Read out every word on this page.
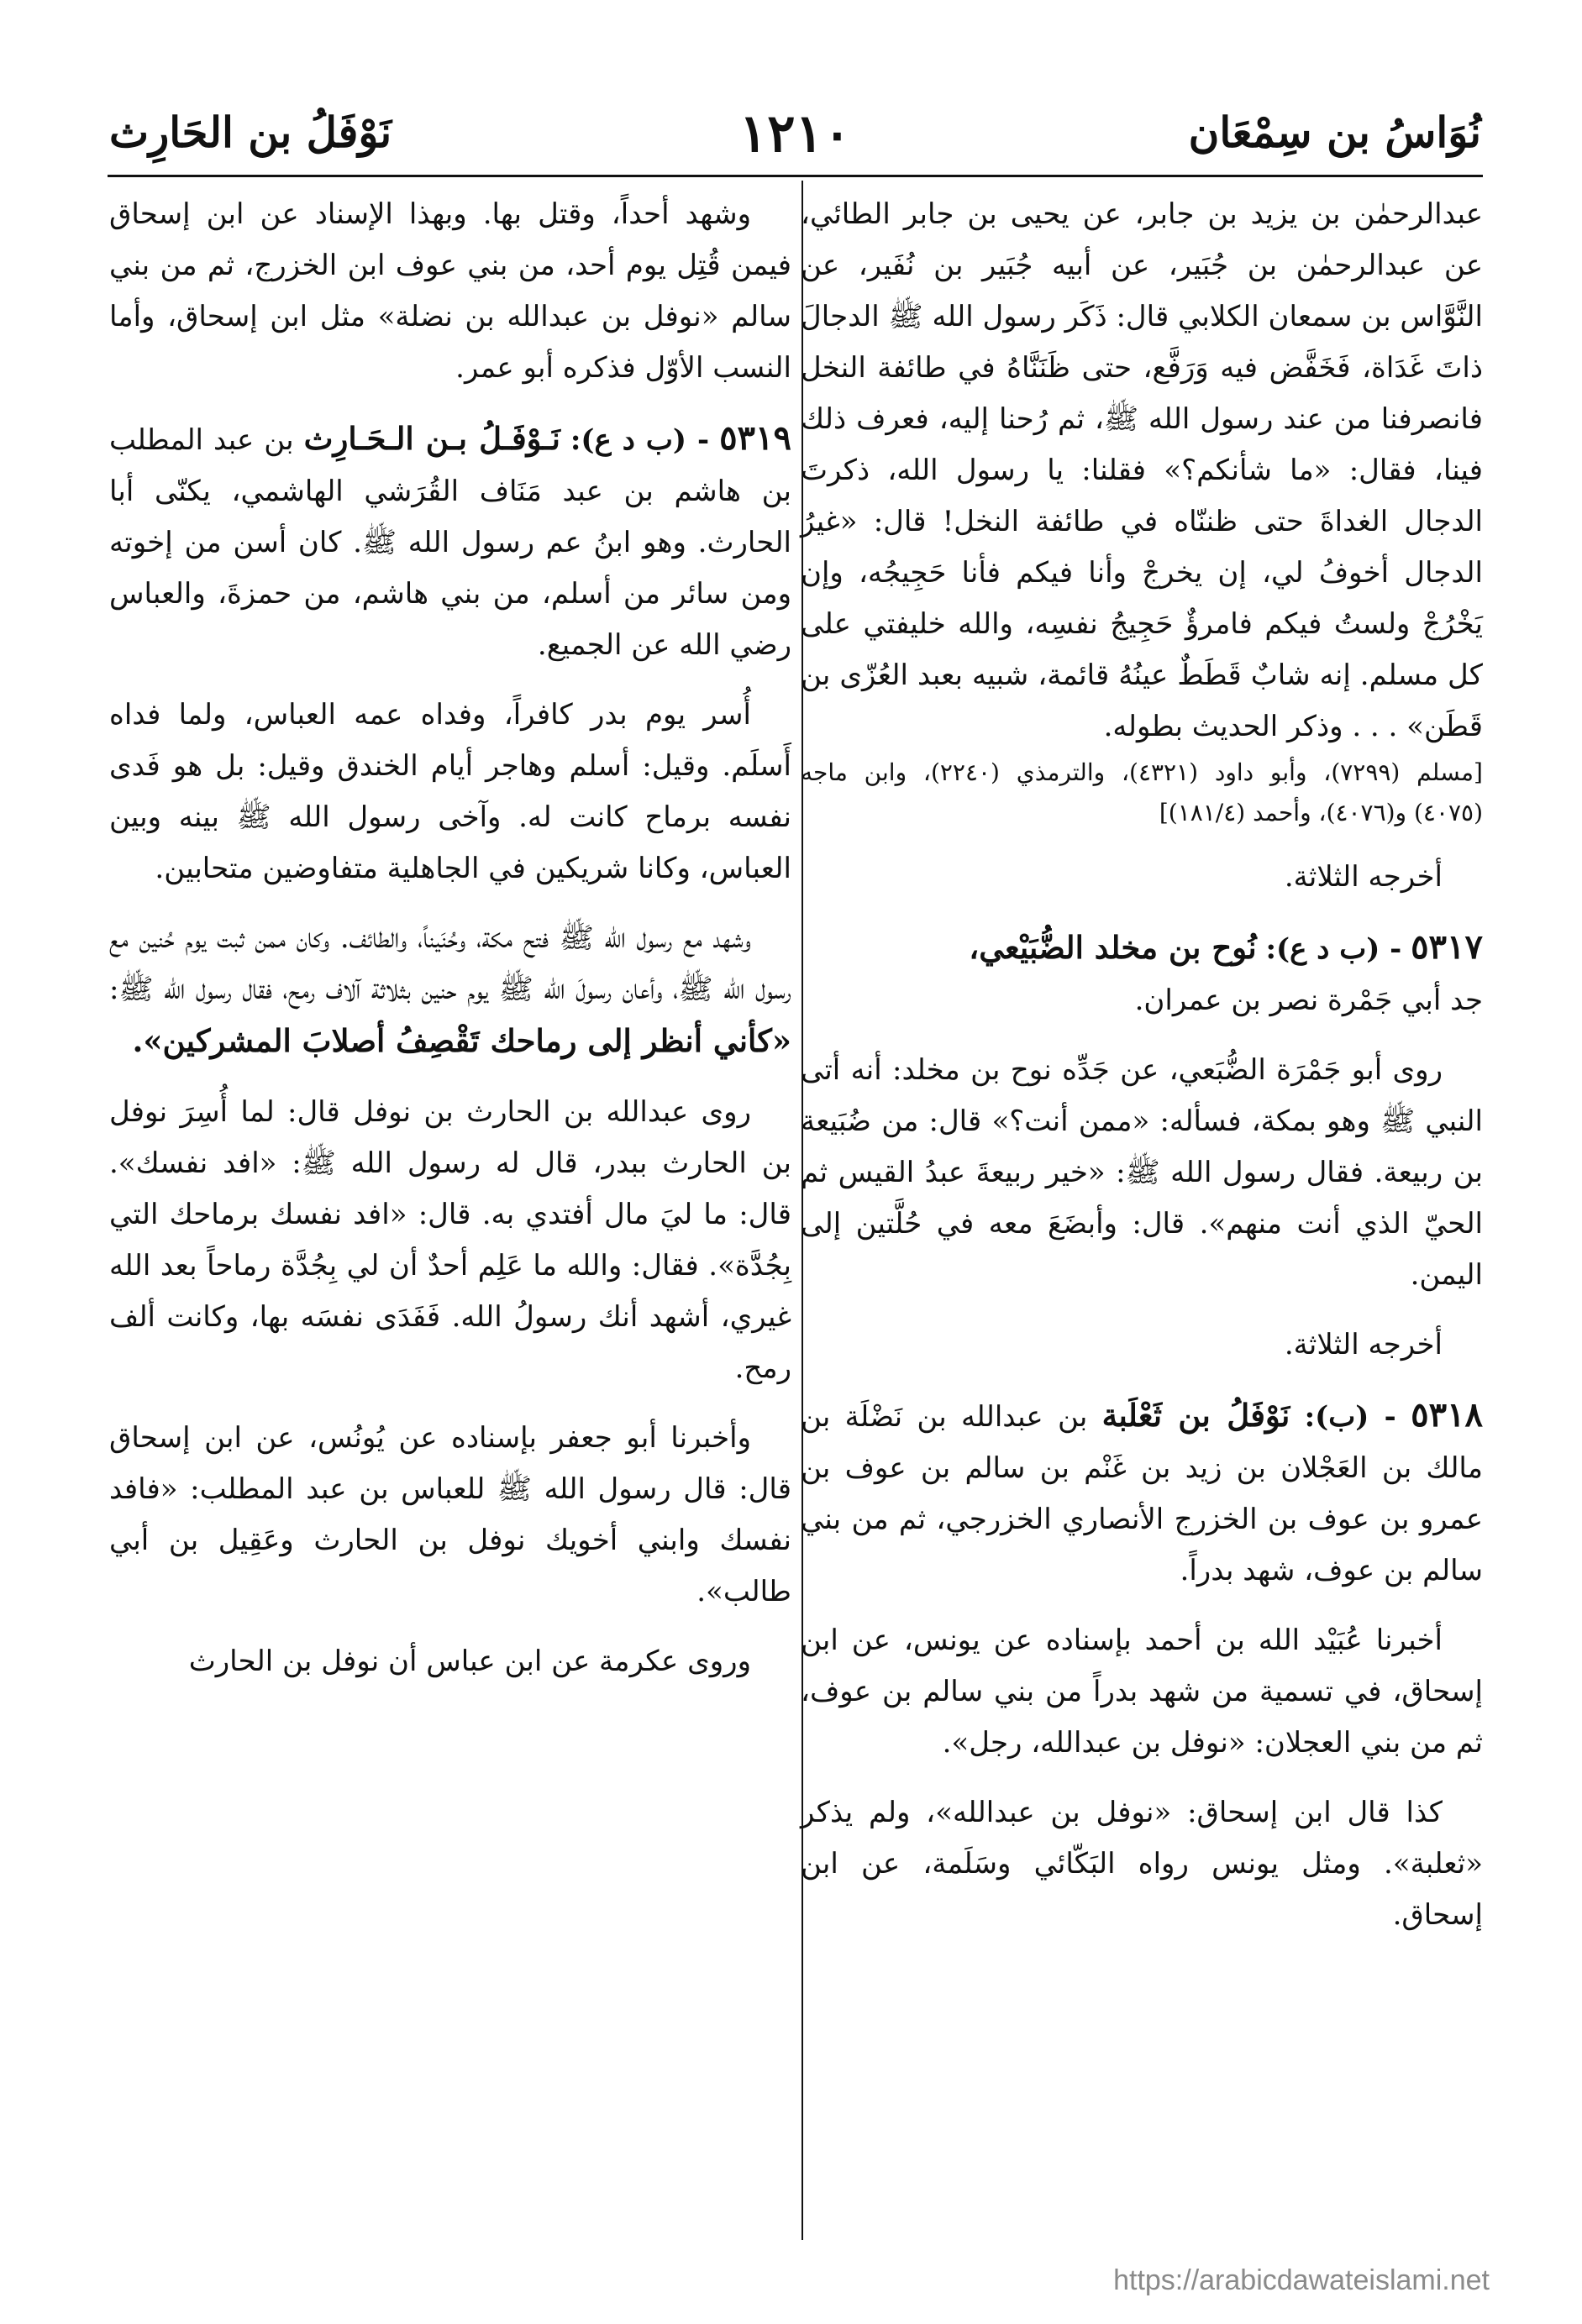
نُوَاسُ بن سِمْعَان
١٢١٠
نَوْفَلُ بن الحَارِث

عبدالرحمٰن بن يزيد بن جابر، عن يحيى بن جابر الطائي، عن عبدالرحمٰن بن جُبَير، عن أبيه جُبَير بن نُفَير، عن النَّوَّاس بن سمعان الكلابي قال: ذَكَر رسول الله ﷺ الدجالَ ذاتَ غَدَاة، فَخَفَّض فيه وَرَفَّع، حتى ظَنَنَّاهُ في طائفة النخل فانصرفنا من عند رسول الله ﷺ، ثم رُحنا إليه، فعرف ذلك فينا، فقال: «ما شأنكم؟» فقلنا: يا رسول الله، ذكرتَ الدجال الغداةَ حتى ظننّاه في طائفة النخل! قال: «غيرُ الدجال أخوفُ لي، إن يخرجْ وأنا فيكم فأنا حَجِيجُه، وإن يَخْرُجْ ولستُ فيكم فامرؤٌ حَجِيجُ نفسِه، والله خليفتي على كل مسلم. إنه شابٌ قَطَطٌ عينُهُ قائمة، شبيه بعبد العُزّى بن قَطَن» . . . وذكر الحديث بطوله.

[مسلم (٧٢٩٩)، وأبو داود (٤٣٢١)، والترمذي (٢٢٤٠)، وابن ماجه (٤٠٧٥) و(٤٠٧٦)، وأحمد (١٨١/٤)]

أخرجه الثلاثة.

٥٣١٧ - (ب د ع): نُوح بن مخلد الضُّبَيْعي،

جد أبي جَمْرة نصر بن عمران.

روى أبو جَمْرَة الضُّبَعي، عن جَدِّه نوح بن مخلد: أنه أتى النبي ﷺ وهو بمكة، فسأله: «ممن أنت؟» قال: من ضُبَيعة بن ربيعة. فقال رسول الله ﷺ: «خير ربيعةَ عبدُ القيس ثم الحيّ الذي أنت منهم». قال: وأبضَعَ معه في حُلَّتين إلى اليمن.

أخرجه الثلاثة.

٥٣١٨ - (ب): نَوْفَلُ بن ثَعْلَبة بن عبدالله بن نَضْلَة بن مالك بن العَجْلان بن زيد بن غَنْم بن سالم بن عوف بن عمرو بن عوف بن الخزرج الأنصاري الخزرجي، ثم من بني سالم بن عوف، شهد بدراً.

أخبرنا عُبَيْد الله بن أحمد بإسناده عن يونس، عن ابن إسحاق، في تسمية من شهد بدراً من بني سالم بن عوف، ثم من بني العجلان: «نوفل بن عبدالله، رجل».

كذا قال ابن إسحاق: «نوفل بن عبدالله»، ولم يذكر «ثعلبة». ومثل يونس رواه البَكّائي وسَلَمة، عن ابن إسحاق.

وشهد أحداً، وقتل بها. وبهذا الإسناد عن ابن إسحاق فيمن قُتِل يوم أحد، من بني عوف ابن الخزرج، ثم من بني سالم «نوفل بن عبدالله بن نضلة» مثل ابن إسحاق، وأما النسب الأوّل فذكره أبو عمر.

٥٣١٩ - (ب د ع): نَـوْفَـلُ بـن الـحَـارِث بن عبد المطلب بن هاشم بن عبد مَنَاف القُرَشي الهاشمي، يكنّى أبا الحارث. وهو ابنُ عم رسول الله ﷺ. كان أسن من إخوته ومن سائر من أسلم، من بني هاشم، من حمزةَ، والعباس رضي الله عن الجميع.

أُسر يوم بدر كافراً، وفداه عمه العباس، ولما فداه أَسلَم. وقيل: أسلم وهاجر أيام الخندق وقيل: بل هو فَدى نفسه برماح كانت له. وآخى رسول الله ﷺ بينه وبين العباس، وكانا شريكين في الجاهلية متفاوضين متحابين.

وشهد مع رسول الله ﷺ فتح مكة، وحُنَيناً، والطائف. وكان ممن ثبت يوم حُنين مع رسول الله ﷺ، وأعان رسولَ الله ﷺ يوم حنين بثلاثة آلاف رمح، فقال رسول الله ﷺ: «كأني أنظر إلى رماحك تَقْصِفُ أصلابَ المشركين».

روى عبدالله بن الحارث بن نوفل قال: لما أُسِرَ نوفل بن الحارث ببدر، قال له رسول الله ﷺ: «افد نفسك». قال: ما ليَ مال أفتدي به. قال: «افد نفسك برماحك التي بِجُدَّة». فقال: والله ما عَلِم أحدٌ أن لي بِجُدَّة رماحاً بعد الله غيري، أشهد أنك رسولُ الله. فَفَدَى نفسَه بها، وكانت ألف رمح.

وأخبرنا أبو جعفر بإسناده عن يُونُس، عن ابن إسحاق قال: قال رسول الله ﷺ للعباس بن عبد المطلب: «فافد نفسك وابني أخويك نوفل بن الحارث وعَقِيل بن أبي طالب».

وروى عكرمة عن ابن عباس أن نوفل بن الحارث

https://arabicdawateislami.net
